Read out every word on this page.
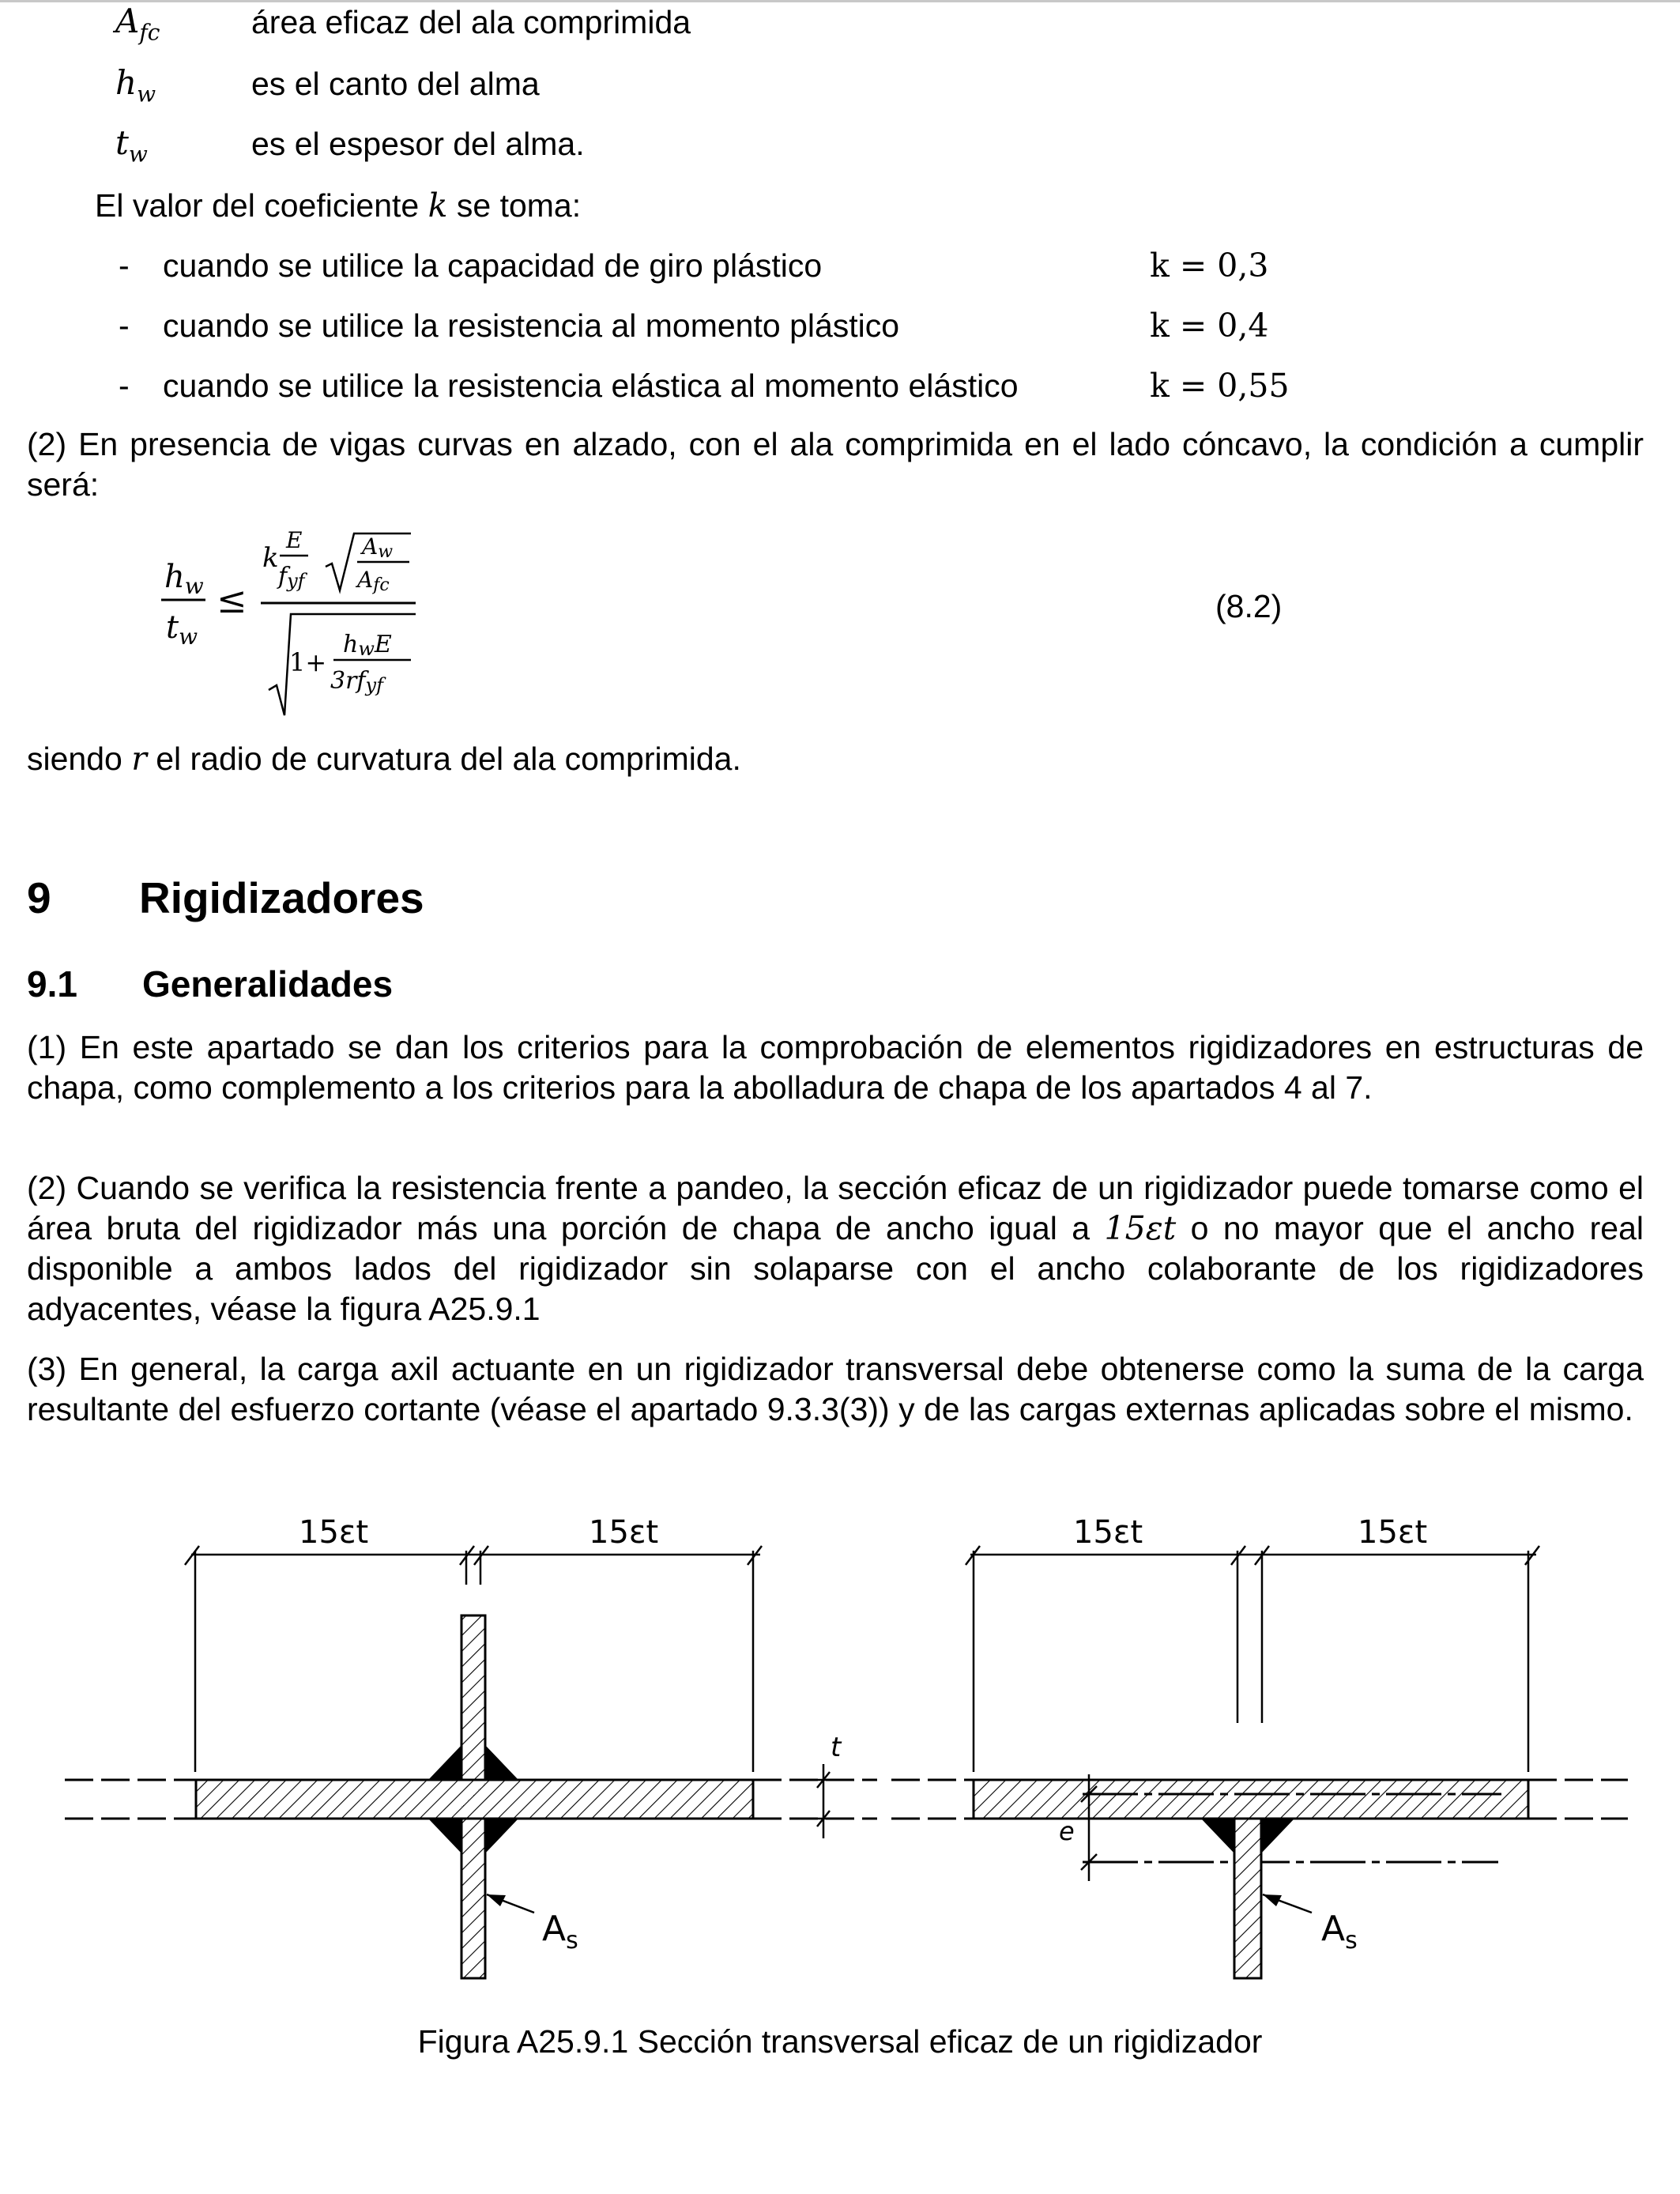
$A_{fc}$	área eficaz del ala comprimida
$h_w$	es el canto del alma
$t_w$	es el espesor del alma.
El valor del coeficiente k se toma:
- cuando se utilice la capacidad de giro plástico	k = 0,3
- cuando se utilice la resistencia al momento plástico	k = 0,4
- cuando se utilice la resistencia elástica al momento elástico	k = 0,55
(2) En presencia de vigas curvas en alzado, con el ala comprimida en el lado cóncavo, la condición a cumplir será:
$h_w$
$t_w$
≤
k
E
fyf
Aw
Afc
1+
hwE
3rfyf
(8.2)
siendo r el radio de curvatura del ala comprimida.
9 Rigidizadores
9.1 Generalidades
(1) En este apartado se dan los criterios para la comprobación de elementos rigidizadores en estructuras de chapa, como complemento a los criterios para la abolladura de chapa de los apartados 4 al 7.
(2) Cuando se verifica la resistencia frente a pandeo, la sección eficaz de un rigidizador puede tomarse como el área bruta del rigidizador más una porción de chapa de ancho igual a 15εt o no mayor que el ancho real disponible a ambos lados del rigidizador sin solaparse con el ancho colaborante de los rigidizadores adyacentes, véase la figura A25.9.1
(3) En general, la carga axil actuante en un rigidizador transversal debe obtenerse como la suma de la carga resultante del esfuerzo cortante (véase el apartado 9.3.3(3)) y de las cargas externas aplicadas sobre el mismo.
15εt	15εt
$A_s$
t
15εt	15εt
e
$A_s$
Figura A25.9.1 Sección transversal eficaz de un rigidizador
